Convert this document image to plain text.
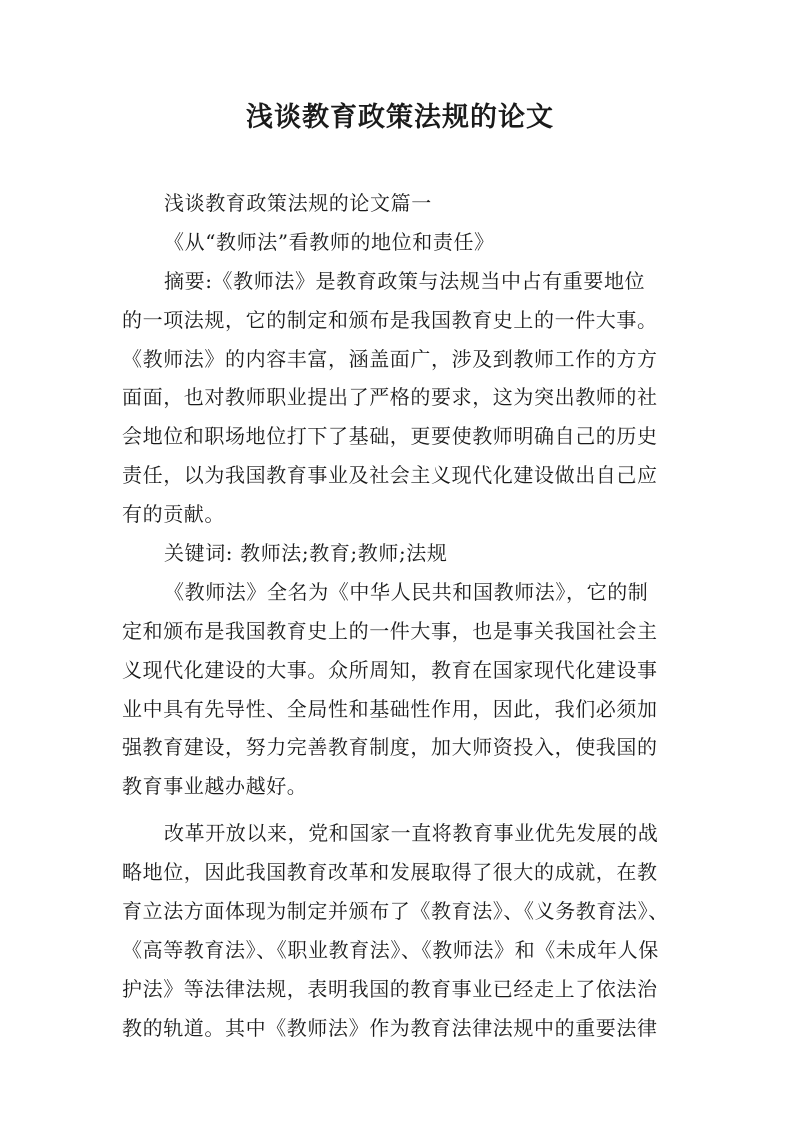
浅谈教育政策法规的论文
浅谈教育政策法规的论文篇一
《从“教师法”看教师的地位和责任》
摘要:《教师法》是教育政策与法规当中占有重要地位
的一项法规，它的制定和颁布是我国教育史上的一件大事。
《教师法》的内容丰富，涵盖面广，涉及到教师工作的方方
面面，也对教师职业提出了严格的要求，这为突出教师的社
会地位和职场地位打下了基础，更要使教师明确自己的历史
责任，以为我国教育事业及社会主义现代化建设做出自己应
有的贡献。
关键词: 教师法;教育;教师;法规
《教师法》全名为《中华人民共和国教师法》，它的制
定和颁布是我国教育史上的一件大事，也是事关我国社会主
义现代化建设的大事。众所周知，教育在国家现代化建设事
业中具有先导性、全局性和基础性作用，因此，我们必须加
强教育建设，努力完善教育制度，加大师资投入，使我国的
教育事业越办越好。
改革开放以来，党和国家一直将教育事业优先发展的战
略地位，因此我国教育改革和发展取得了很大的成就，在教
育立法方面体现为制定并颁布了《教育法》、《义务教育法》、
《高等教育法》、《职业教育法》、《教师法》和《未成年人保
护法》等法律法规，表明我国的教育事业已经走上了依法治
教的轨道。其中《教师法》作为教育法律法规中的重要法律
